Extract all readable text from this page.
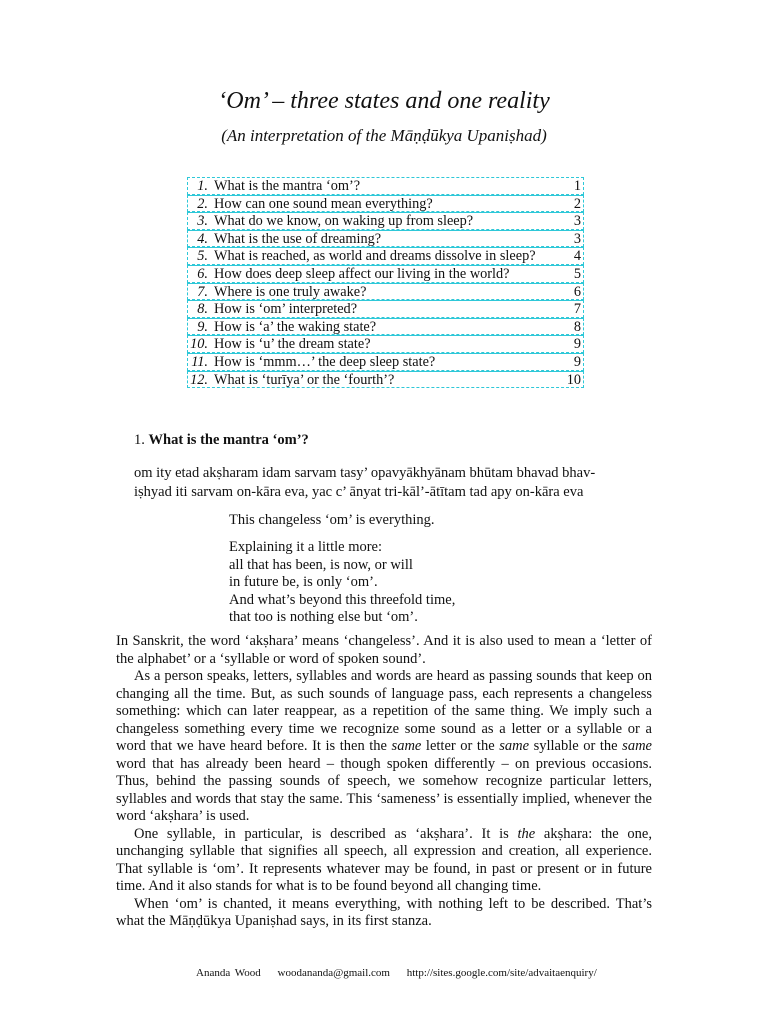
‘Om’ – three states and one reality
(An interpretation of the Māṇḍūkya Upaniṣhad)
1. What is the mantra ‘om’?	1
2. How can one sound mean everything?	2
3. What do we know, on waking up from sleep?	3
4. What is the use of dreaming?	3
5. What is reached, as world and dreams dissolve in sleep?	4
6. How does deep sleep affect our living in the world?	5
7. Where is one truly awake?	6
8. How is ‘om’ interpreted?	7
9. How is ‘a’ the waking state?	8
10. How is ‘u’ the dream state?	9
11. How is ‘mmm…’ the deep sleep state?	9
12. What is ‘turīya’ or the ‘fourth’?	10
1. What is the mantra ‘om’?
om ity etad akṣharam idam sarvam tasy’ opavyākhyānam bhūtam bhavad bhav-
iṣhyad iti sarvam on-kāra eva, yac c’ ānyat tri-kāl’-ātītam tad apy on-kāra eva
This changeless ‘om’ is everything.
Explaining it a little more:
all that has been, is now, or will
in future be, is only ‘om’.
And what’s beyond this threefold time,
that too is nothing else but ‘om’.

In Sanskrit, the word ‘akṣhara’ means ‘changeless’. And it is also used to mean a ‘letter of the alphabet’ or a ‘syllable or word of spoken sound’.

As a person speaks, letters, syllables and words are heard as passing sounds that keep on changing all the time. But, as such sounds of language pass, each represents a changeless something: which can later reappear, as a repetition of the same thing. We imply such a changeless something every time we recognize some sound as a letter or a syllable or a word that we have heard before. It is then the same letter or the same syllable or the same word that has already been heard – though spoken differently – on previous occasions. Thus, behind the passing sounds of speech, we somehow recognize particular letters, syllables and words that stay the same. This ‘sameness’ is essentially implied, whenever the word ‘akṣhara’ is used.

One syllable, in particular, is described as ‘akṣhara’. It is the akṣhara: the one, unchanging syllable that signifies all speech, all expression and creation, all experience. That syllable is ‘om’. It represents whatever may be found, in past or present or in future time. And it also stands for what is to be found beyond all changing time.

When ‘om’ is chanted, it means everything, with nothing left to be described. That’s what the Māṇḍūkya Upaniṣhad says, in its first stanza.

Ananda Wood woodananda@gmail.com http://sites.google.com/site/advaitaenquiry/
